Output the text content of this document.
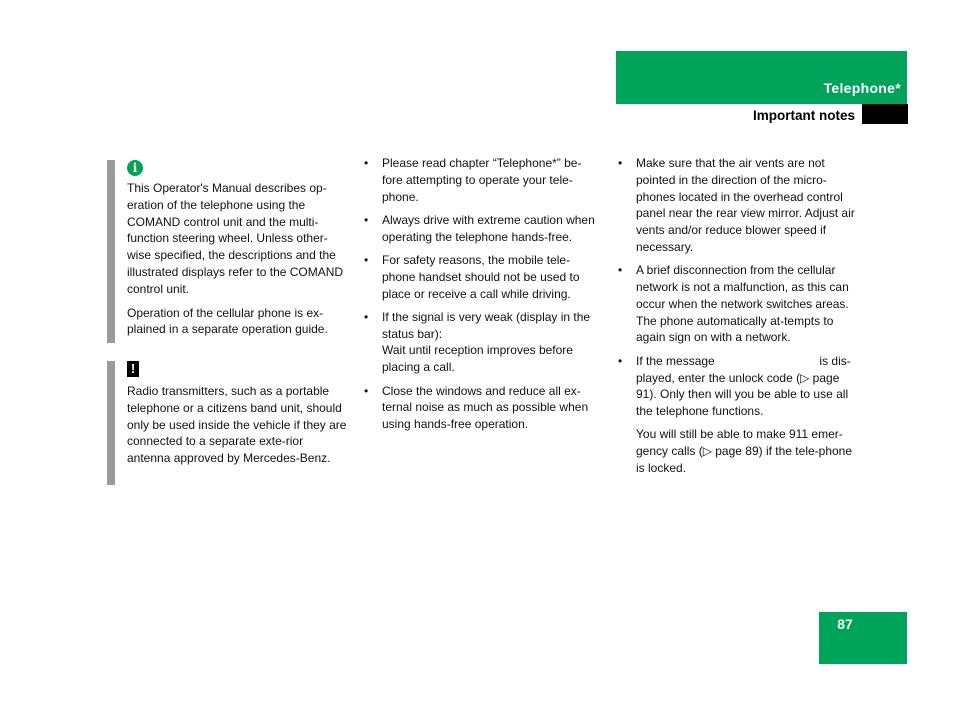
Telephone*
Important notes
i

This Operator's Manual describes op-eration of the telephone using the COMAND control unit and the multi-function steering wheel. Unless other-wise specified, the descriptions and the illustrated displays refer to the COMAND control unit.

Operation of the cellular phone is ex-plained in a separate operation guide.

!

Radio transmitters, such as a portable telephone or a citizens band unit, should only be used inside the vehicle if they are connected to a separate exte-rior antenna approved by Mercedes-Benz.

• Please read chapter “Telephone*” be-fore attempting to operate your tele-phone.
• Always drive with extreme caution when operating the telephone hands-free.
• For safety reasons, the mobile tele-phone handset should not be used to place or receive a call while driving.
• If the signal is very weak (display in the status bar):
Wait until reception improves before placing a call.
• Close the windows and reduce all ex-ternal noise as much as possible when using hands-free operation.
• Make sure that the air vents are not pointed in the direction of the micro-phones located in the overhead control panel near the rear view mirror. Adjust air vents and/or reduce blower speed if necessary.
• A brief disconnection from the cellular network is not a malfunction, as this can occur when the network switches areas. The phone automatically at-tempts to again sign on with a network.
• If the message	is dis-played, enter the unlock code (▷ page 91). Only then will you be able to use all the telephone functions.

You will still be able to make 911 emer-gency calls (▷ page 89) if the tele-phone is locked.

87
